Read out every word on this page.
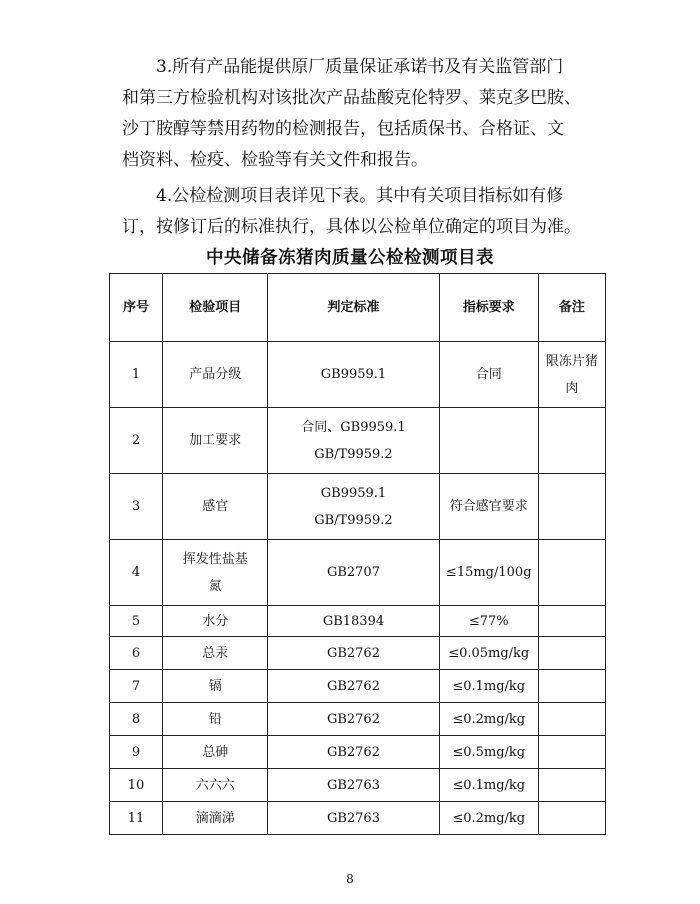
3.所有产品能提供原厂质量保证承诺书及有关监管部门
和第三方检验机构对该批次产品盐酸克伦特罗、莱克多巴胺、
沙丁胺醇等禁用药物的检测报告，包括质保书、合格证、文
档资料、检疫、检验等有关文件和报告。
4.公检检测项目表详见下表。其中有关项目指标如有修
订，按修订后的标准执行，具体以公检单位确定的项目为准。
中央储备冻猪肉质量公检检测项目表
序号	检验项目	判定标准	指标要求	备注
1	产品分级	GB9959.1	合同	限冻片猪
肉

2	加工要求	合同、GB9959.1
GB/T9959.2		

3	感官	GB9959.1
GB/T9959.2	符合感官要求	
4	挥发性盐基
氮	GB2707	≤15mg/100g	
5	水分	GB18394	≤77%	
6	总汞	GB2762	≤0.05mg/kg	
7	镉	GB2762	≤0.1mg/kg	
8	铅	GB2762	≤0.2mg/kg	
9	总砷	GB2762	≤0.5mg/kg	
10	六六六	GB2763	≤0.1mg/kg	
11	滴滴涕	GB2763	≤0.2mg/kg	
8
